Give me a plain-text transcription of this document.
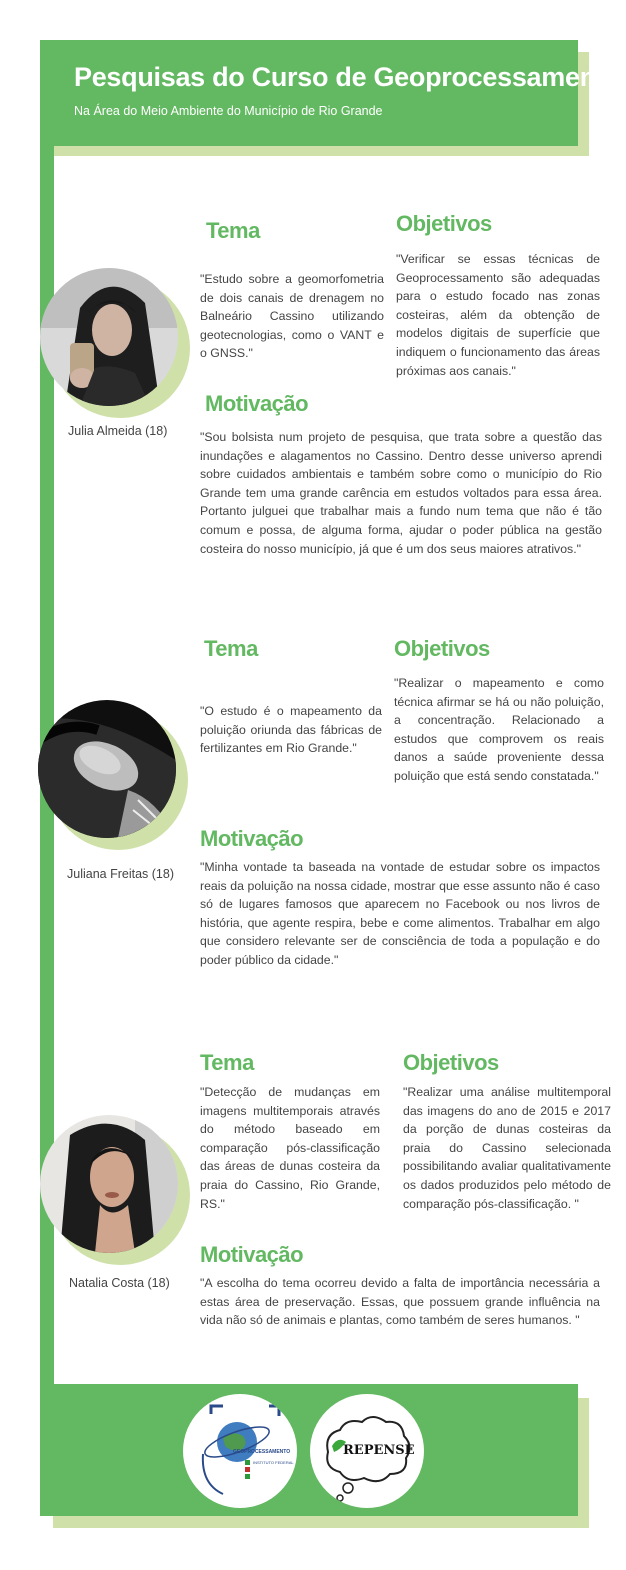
Pesquisas do Curso de Geoprocessamento
Na Área do Meio Ambiente do Município de Rio Grande
Julia Almeida (18)
Tema

"Estudo sobre a geomorfometria de dois canais de drenagem no Balneário Cassino utilizando geotecnologias, como o VANT e o GNSS."

Objetivos

"Verificar se essas técnicas de Geoprocessamento são adequadas para o estudo focado nas zonas costeiras, além da obtenção de modelos digitais de superfície que indiquem o funcionamento das áreas próximas aos canais."

Motivação

"Sou bolsista num projeto de pesquisa, que trata sobre a questão das inundações e alagamentos no Cassino. Dentro desse universo aprendi sobre cuidados ambientais e também sobre como o município do Rio Grande tem uma grande carência em estudos voltados para essa área. Portanto julguei que trabalhar mais a fundo num tema que não é tão comum e possa, de alguma forma, ajudar o poder pública na gestão costeira do nosso município, já que é um dos seus maiores atrativos."

Juliana Freitas (18)
Tema

"O estudo é o mapeamento da poluição oriunda das fábricas de fertilizantes em Rio Grande."

Objetivos

"Realizar o mapeamento e como técnica afirmar se há ou não poluição, a concentração. Relacionado a estudos que comprovem os reais danos a saúde proveniente dessa poluição que está sendo constatada."

Motivação

"Minha vontade ta baseada na vontade de estudar sobre os impactos reais da poluição na nossa cidade, mostrar que esse assunto não é caso só de lugares famosos que aparecem no Facebook ou nos livros de história, que agente respira, bebe e come alimentos. Trabalhar em algo que considero relevante ser de consciência de toda a população e do poder público da cidade."

Natalia Costa (18)
Tema

"Detecção de mudanças em imagens multitemporais através do método baseado em comparação pós-classificação das áreas de dunas costeira da praia do Cassino, Rio Grande, RS."

Objetivos

"Realizar uma análise multitemporal das imagens do ano de 2015 e 2017 da porção de dunas costeiras da praia do Cassino selecionada possibilitando avaliar qualitativamente os dados produzidos pelo método de comparação pós-classificação. "

Motivação

"A escolha do tema ocorreu devido a falta de importância necessária a estas área de preservação. Essas, que possuem grande influência na vida não só de animais e plantas, como também de seres humanos. "

GEOPROCESSAMENTO
INSTITUTO FEDERAL
REPENSE
